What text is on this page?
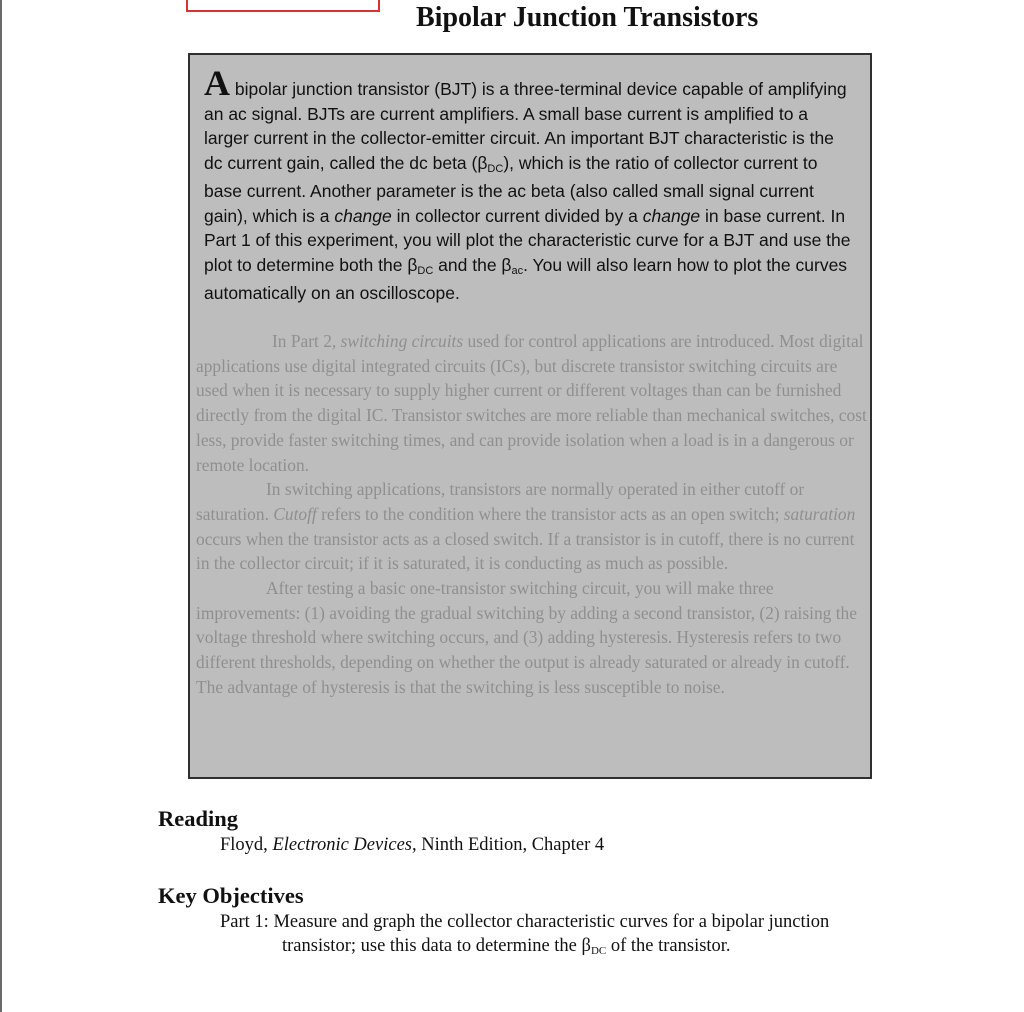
Bipolar Junction Transistors

A bipolar junction transistor (BJT) is a three-terminal device capable of amplifying an ac signal. BJTs are current amplifiers. A small base current is amplified to a larger current in the collector-emitter circuit. An important BJT characteristic is the dc current gain, called the dc beta (βDC), which is the ratio of collector current to base current. Another parameter is the ac beta (also called small signal current gain), which is a change in collector current divided by a change in base current. In Part 1 of this experiment, you will plot the characteristic curve for a BJT and use the plot to determine both the βDC and the βac. You will also learn how to plot the curves automatically on an oscilloscope.

In Part 2, switching circuits used for control applications are introduced. Most digital applications use digital integrated circuits (ICs), but discrete transistor switching circuits are used when it is necessary to supply higher current or different voltages than can be furnished directly from the digital IC. Transistor switches are more reliable than mechanical switches, cost less, provide faster switching times, and can provide isolation when a load is in a dangerous or remote location.

In switching applications, transistors are normally operated in either cutoff or saturation. Cutoff refers to the condition where the transistor acts as an open switch; saturation occurs when the transistor acts as a closed switch. If a transistor is in cutoff, there is no current in the collector circuit; if it is saturated, it is conducting as much as possible.

After testing a basic one-transistor switching circuit, you will make three improvements: (1) avoiding the gradual switching by adding a second transistor, (2) raising the voltage threshold where switching occurs, and (3) adding hysteresis. Hysteresis refers to two different thresholds, depending on whether the output is already saturated or already in cutoff. The advantage of hysteresis is that the switching is less susceptible to noise.

Reading

Floyd, Electronic Devices, Ninth Edition, Chapter 4

Key Objectives

Part 1: Measure and graph the collector characteristic curves for a bipolar junction
transistor; use this data to determine the βDC of the transistor.
